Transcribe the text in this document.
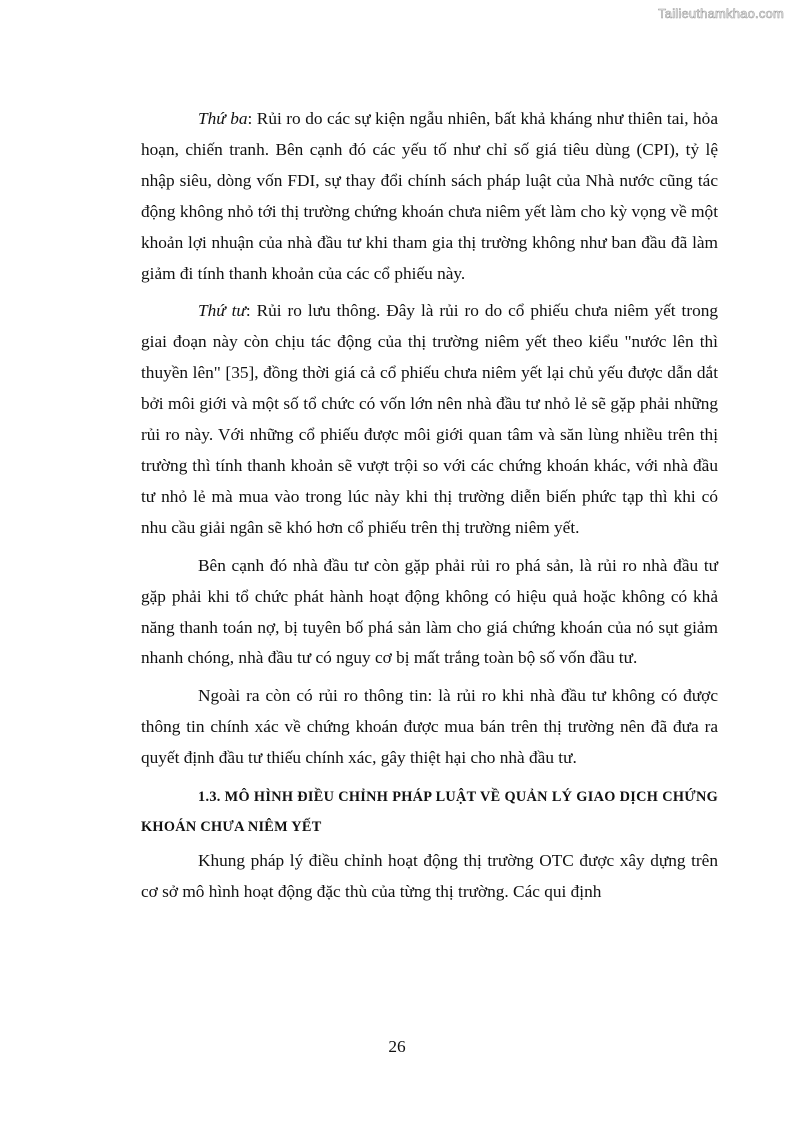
Tailieuthamkhao.com

Thứ ba: Rủi ro do các sự kiện ngẫu nhiên, bất khả kháng như thiên tai, hỏa hoạn, chiến tranh. Bên cạnh đó các yếu tố như chỉ số giá tiêu dùng (CPI), tỷ lệ nhập siêu, dòng vốn FDI, sự thay đổi chính sách pháp luật của Nhà nước cũng tác động không nhỏ tới thị trường chứng khoán chưa niêm yết làm cho kỳ vọng về một khoản lợi nhuận của nhà đầu tư khi tham gia thị trường không như ban đầu đã làm giảm đi tính thanh khoản của các cổ phiếu này.

Thứ tư: Rủi ro lưu thông. Đây là rủi ro do cổ phiếu chưa niêm yết trong giai đoạn này còn chịu tác động của thị trường niêm yết theo kiểu "nước lên thì thuyền lên" [35], đồng thời giá cả cổ phiếu chưa niêm yết lại chủ yếu được dẫn dắt bởi môi giới và một số tổ chức có vốn lớn nên nhà đầu tư nhỏ lẻ sẽ gặp phải những rủi ro này. Với những cổ phiếu được môi giới quan tâm và săn lùng nhiều trên thị trường thì tính thanh khoản sẽ vượt trội so với các chứng khoán khác, với nhà đầu tư nhỏ lẻ mà mua vào trong lúc này khi thị trường diễn biến phức tạp thì khi có nhu cầu giải ngân sẽ khó hơn cổ phiếu trên thị trường niêm yết.

Bên cạnh đó nhà đầu tư còn gặp phải rủi ro phá sản, là rủi ro nhà đầu tư gặp phải khi tổ chức phát hành hoạt động không có hiệu quả hoặc không có khả năng thanh toán nợ, bị tuyên bố phá sản làm cho giá chứng khoán của nó sụt giảm nhanh chóng, nhà đầu tư có nguy cơ bị mất trắng toàn bộ số vốn đầu tư.

Ngoài ra còn có rủi ro thông tin: là rủi ro khi nhà đầu tư không có được thông tin chính xác về chứng khoán được mua bán trên thị trường nên đã đưa ra quyết định đầu tư thiếu chính xác, gây thiệt hại cho nhà đầu tư.

1.3. MÔ HÌNH ĐIỀU CHỈNH PHÁP LUẬT VỀ QUẢN LÝ GIAO DỊCH CHỨNG KHOÁN CHƯA NIÊM YẾT

Khung pháp lý điều chỉnh hoạt động thị trường OTC được xây dựng trên cơ sở mô hình hoạt động đặc thù của từng thị trường. Các qui định

26
